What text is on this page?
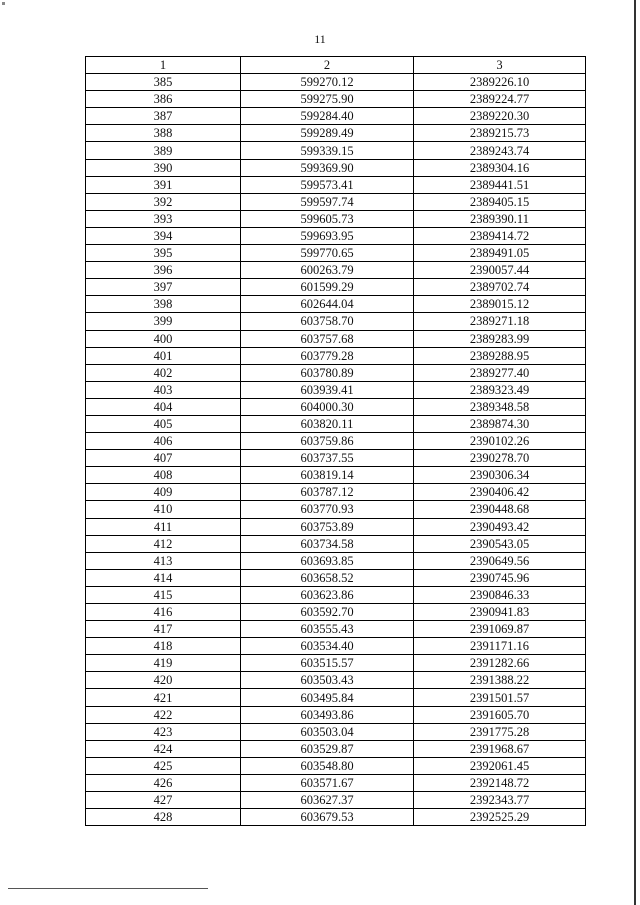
11
1	2	3
385	599270.12	2389226.10
386	599275.90	2389224.77
387	599284.40	2389220.30
388	599289.49	2389215.73
389	599339.15	2389243.74
390	599369.90	2389304.16
391	599573.41	2389441.51
392	599597.74	2389405.15
393	599605.73	2389390.11
394	599693.95	2389414.72
395	599770.65	2389491.05
396	600263.79	2390057.44
397	601599.29	2389702.74
398	602644.04	2389015.12
399	603758.70	2389271.18
400	603757.68	2389283.99
401	603779.28	2389288.95
402	603780.89	2389277.40
403	603939.41	2389323.49
404	604000.30	2389348.58
405	603820.11	2389874.30
406	603759.86	2390102.26
407	603737.55	2390278.70
408	603819.14	2390306.34
409	603787.12	2390406.42
410	603770.93	2390448.68
411	603753.89	2390493.42
412	603734.58	2390543.05
413	603693.85	2390649.56
414	603658.52	2390745.96
415	603623.86	2390846.33
416	603592.70	2390941.83
417	603555.43	2391069.87
418	603534.40	2391171.16
419	603515.57	2391282.66
420	603503.43	2391388.22
421	603495.84	2391501.57
422	603493.86	2391605.70
423	603503.04	2391775.28
424	603529.87	2391968.67
425	603548.80	2392061.45
426	603571.67	2392148.72
427	603627.37	2392343.77
428	603679.53	2392525.29
